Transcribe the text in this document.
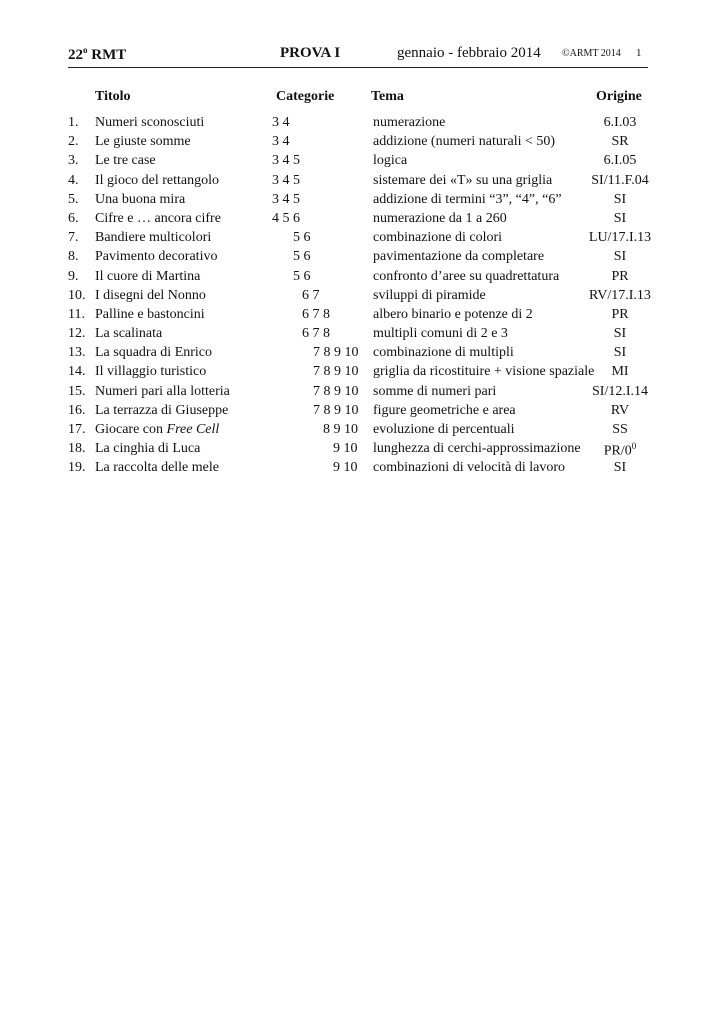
22$^o$ RMT	PROVA I	gennaio - febbraio 2014 ©ARMT 2014 1
Titolo	Categorie	Tema	Origine
1. Numeri sconosciuti	3 4	numerazione	6.I.03
2. Le giuste somme	3 4	addizione (numeri naturali < 50)	SR
3. Le tre case	3 4 5	logica	6.I.05
4. Il gioco del rettangolo	3 4 5	sistemare dei «T» su una griglia	SI/11.F.04
5. Una buona mira	3 4 5	addizione di termini “3”, “4”, “6”	SI
6. Cifre e … ancora cifre	4 5 6	numerazione da 1 a 260	SI
7. Bandiere multicolori	5 6	combinazione di colori	LU/17.I.13
8. Pavimento decorativo	5 6	pavimentazione da completare	SI
9. Il cuore di Martina	5 6	confronto d’aree su quadrettatura	PR
10. I disegni del Nonno	6 7	sviluppi di piramide	RV/17.I.13
11. Palline e bastoncini	6 7 8	albero binario e potenze di 2	PR
12. La scalinata	6 7 8	multipli comuni di 2 e 3	SI
13. La squadra di Enrico	7 8 9 10	combinazione di multipli	SI
14. Il villaggio turistico	7 8 9 10	griglia da ricostituire + visione spaziale	MI
15. Numeri pari alla lotteria	7 8 9 10	somme di numeri pari	SI/12.I.14
16. La terrazza di Giuseppe	7 8 9 10	figure geometriche e area	RV
17. Giocare con Free Cell	8 9 10	evoluzione di percentuali	SS
18. La cinghia di Luca	9 10	lunghezza di cerchi-approssimazione	$PR/0^0$
19. La raccolta delle mele	9 10	combinazioni di velocità di lavoro	SI
